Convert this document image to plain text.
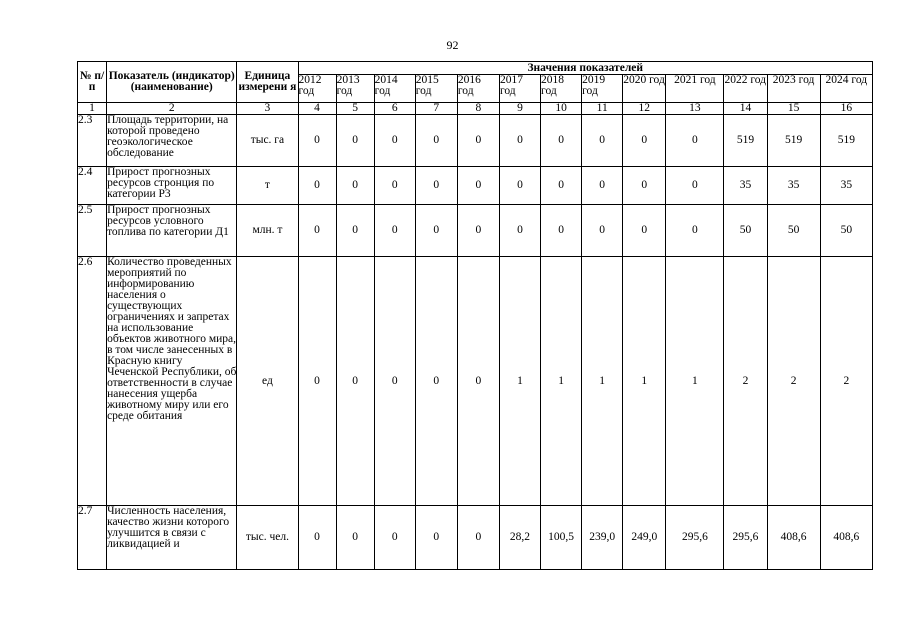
92
№ п/п	Показатель (индикатор) (наименование)	Единица измерени я	Значения показателей												
			2012 год	2013 год	2014 год	2015 год	2016 год	2017 год	2018 год	2019 год	2020 год	2021 год	2022 год	2023 год	2024 год
1	2	3	4	5	6	7	8	9	10	11	12	13	14	15	16
2.3	Площадь территории, на которой проведено геоэкологическое обследование	тыс. га	0	0	0	0	0	0	0	0	0	0	519	519	519
2.4	Прирост прогнозных ресурсов стронция по категории Р3	т	0	0	0	0	0	0	0	0	0	0	35	35	35
2.5	Прирост прогнозных ресурсов условного топлива по категории Д1	млн. т	0	0	0	0	0	0	0	0	0	0	50	50	50
2.6	Количество проведенных мероприятий по информированию населения о существующих ограничениях и запретах на использование объектов животного мира, в том числе занесенных в Красную книгу Чеченской Республики, об ответственности в случае нанесения ущерба животному миру или его среде обитания	ед	0	0	0	0	0	1	1	1	1	1	2	2	2
2.7	Численность населения, качество жизни которого улучшится в связи с ликвидацией и	тыс. чел.	0	0	0	0	0	28,2	100,5	239,0	249,0	295,6	295,6	408,6	408,6
